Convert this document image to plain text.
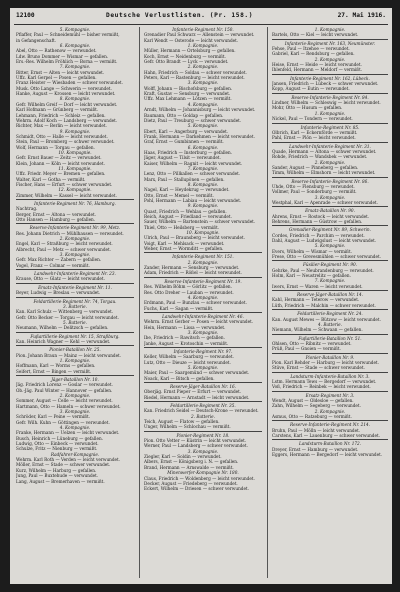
12100	Deutsche Verlustlisten. (Pr. 158.)	27. Mai 1916.
5. Kompagnie.
Pflaffer, Paul — Schneidemühl — bisher vermißt,
in Gefangenschaft.
6. Kompagnie.
Abel, Otto — Rathenow — verwundet.
Ldw. Bruno Dommer — Wismar — gefallen.
Ers.-Res. Wilhelm Fröhlich — Borna — vermißt.
7. Kompagnie.
Bitter, Ernst — Alten — leicht verwundet.
Uffz. Karl Gerpel — Posen — gefallen.
Franz Heister — Wiesbaden — schwer verwundet.
Musk. Otto Lange — Schwerin — verwundet.
Hanke, August — Krossen — leicht verwundet.
8. Kompagnie.
Gefr. Wilhelm Greif — Dorf — leicht verwundet.
Karl Hofmann — Grünberg — vermißt.
Lehmann, Friedrich — Schleiz — gefallen.
Wehrm. Adolf Koch — Landsberg — verwundet.
Richter, Max — Berlin — leicht verwundet.
9. Kompagnie.
Schmidt, Otto — Halle — leicht verwundet.
Stein, Paul — Bromberg — schwer verwundet.
Wolf, Hermann — Torgau — gefallen.
10. Kompagnie.
Gefr. Ernst Bauer — Zeitz — verwundet.
Klein, Johann — Köln — leicht verwundet.
11. Kompagnie.
Uffz. Friedr. Meyer — Bremen — gefallen.
Walter, Karl — Gotha — vermißt.
Fischer, Hans — Erfurt — schwer verwundet.
12. Kompagnie.
Zimmer, Wilhelm — Kassel — leicht verwundet.
Infanterie-Regiment Nr. 76, Hamburg.
Nachtrag.
Berger, Ernst — Altona — verwundet.
Otto Hansen — Hamburg — gefallen.
Reserve-Infanterie-Regiment Nr. 99, Metz.
Res. Johann Dietrich — Mühlhausen — verwundet.
2. Kompagnie.
Engel, Karl — Straßburg — leicht verwundet.
Albrecht, Paul — Metz — schwer verwundet.
3. Kompagnie.
Gefr. Max Richter — Zabern — gefallen.
Vogel, Franz — Colmar — vermißt.
Landwehr-Infanterie-Regiment Nr. 23.
Krause, Otto — Glatz — leicht verwundet.
Ersatz-Infanterie-Regiment Nr. 11.
Beyer, Ludwig — Breslau — verwundet.
Feldartillerie-Regiment Nr. 74, Torgau.
3. Batterie.
Kan. Karl Schulz — Wittenberg — verwundet.
Gefr. Otto Becker — Torgau — leicht verwundet.
5. Batterie.
Neumann, Wilhelm — Delitzsch — gefallen.
Fußartillerie-Regiment Nr. 15, Straßburg.
Kan. Heinrich Wagner — Kehl — verwundet.
Pionier-Bataillon Nr. 25.
Pion. Johann Braun — Mainz — leicht verwundet.
1. Kompagnie.
Hoffmann, Karl — Worms — gefallen.
Seifert, Ernst — Bingen — vermißt.
Jäger-Bataillon Nr. 10.
Jäg. Friedrich Lorenz — Goslar — verwundet.
Ob.-Jäg. Paul Winter — Hannover — gefallen.
2. Kompagnie.
Sommer, August — Celle — leicht verwundet.
Hartmann, Otto — Hameln — schwer verwundet.
3. Kompagnie.
Schröder, Karl — Peine — vermißt.
Gefr. Wilh. Kuhn — Göttingen — verwundet.
4. Kompagnie.
Franke, Hermann — Uelzen — leicht verwundet.
Busch, Heinrich — Lüneburg — gefallen.
Ludwig, Otto — Einbeck — verwundet.
Schulze, Fritz — Nienburg — vermißt.
Radfahrer-Kompagnie.
Wehrm. Karl Roth — Verden — leicht verwundet.
Möller, Ernst — Stade — schwer verwundet.
Kurz, Wilhelm — Harburg — gefallen.
Jung, Paul — Buxtehude — verwundet.
Lang, August — Bremerhaven — vermißt.
Infanterie-Regiment Nr. 150.
Grenadier Paul Schwarz — Allenstein — verwundet.
Karl Wendt — Osterode — leicht verwundet.
1. Kompagnie.
Müller, Hermann — Ortelsburg — gefallen.
Koch, Ernst — Neidenburg — vermißt.
Gefr. Otto Brandt — Lyck — verwundet.
2. Kompagnie.
Hahn, Friedrich — Soldau — schwer verwundet.
Peters, Karl — Rastenburg — leicht verwundet.
3. Kompagnie.
Wolff, Johann — Bischofsburg — gefallen.
Kraft, Gustav — Sensburg — verwundet.
Uffz. Max Lehmann — Lötzen — vermißt.
4. Kompagnie.
Arndt, Wilhelm — Johannisburg — leicht verwundet.
Baumann, Otto — Goldap — gefallen.
Dietz, Paul — Treuburg — schwer verwundet.
5. Kompagnie.
Ebert, Karl — Angerburg — verwundet.
Frank, Hermann — Darkehmen — leicht verwundet.
Graf, Ernst — Gumbinnen — vermißt.
6. Kompagnie.
Haas, Friedrich — Insterburg — gefallen.
Jäger, August — Tilsit — verwundet.
Kaiser, Wilhelm — Ragnit — leicht verwundet.
7. Kompagnie.
Lenz, Otto — Pillkallen — schwer verwundet.
Marx, Paul — Stallupönen — gefallen.
8. Kompagnie.
Nagel, Karl — Heydekrug — verwundet.
Otto, Ernst — Memel — vermißt.
Pohl, Hermann — Labiau — leicht verwundet.
9. Kompagnie.
Quast, Friedrich — Wehlau — gefallen.
Reich, August — Friedland — verwundet.
Sauer, Wilhelm — Bartenstein — schwer verwundet.
Thiel, Otto — Heilsberg — vermißt.
10. Kompagnie.
Ulrich, Paul — Braunsberg — leicht verwundet.
Voigt, Karl — Mehlsack — verwundet.
Weber, Ernst — Wormditt — gefallen.
Infanterie-Regiment Nr. 151.
2. Kompagnie.
Zander, Hermann — Sensburg — verwundet.
Adam, Friedrich — Rößel — leicht verwundet.
Reserve-Infanterie-Regiment Nr. 19.
Res. Wilhelm Böhm — Görlitz — gefallen.
Res. Otto Dreher — Lauban — verwundet.
4. Kompagnie.
Erdmann, Paul — Bunzlau — schwer verwundet.
Fuchs, Karl — Sagan — vermißt.
Landwehr-Infanterie-Regiment Nr. 46.
Wehrm. Ernst Gerber — Posen — leicht verwundet.
Hein, Hermann — Lissa — verwundet.
3. Kompagnie.
Ibe, Friedrich — Rawitsch — gefallen.
Janke, August — Krotoschin — vermißt.
Infanterie-Regiment Nr. 97.
Keller, Wilhelm — Saarburg — verwundet.
Lutz, Otto — Dieuze — leicht verwundet.
5. Kompagnie.
Maier, Paul — Saargemünd — schwer verwundet.
Noack, Karl — Bitsch — gefallen.
Reserve-Jäger-Bataillon Nr. 16.
Oberjäg. Ernst Pieper — Erfurt — verwundet.
Riedel, Hermann — Arnstadt — leicht verwundet.
Feldartillerie-Regiment Nr. 35.
Kan. Friedrich Seidel — Deutsch-Krone — verwundet.
2. Batterie.
Teich, August — Flatow — gefallen.
Unger, Wilhelm — Schlochau — vermißt.
Pionier-Regiment Nr. 18.
Pion. Otto Vetter — Küstrin — leicht verwundet.
Werner, Paul — Landsberg — schwer verwundet.
3. Kompagnie.
Ziegler, Karl — Soldin — verwundet.
Albers, Ernst — Königsberg i. N. — gefallen.
Brand, Hermann — Arnswalde — vermißt.
Minenwerfer-Kompagnie Nr. 180.
Claus, Friedrich — Woldenberg — leicht verwundet.
Decker, August — Friedeberg — verwundet.
Eckert, Wilhelm — Driesen — schwer verwundet.
1. Kompagnie.
Bartels, Otto — Kiel — leicht verwundet.
Infanterie-Regiment Nr. 163, Neumünster.
Fehse, Paul — Itzehoe — verwundet.
Gabriel, Karl — Rendsburg — gefallen.
2. Kompagnie.
Heise, Ernst — Heide — leicht verwundet.
Ihlenfeld, Hermann — Meldorf — vermißt.
Infanterie-Regiment Nr. 162, Lübeck.
Jansen, Friedrich — Lübeck — schwer verwundet.
Kopp, August — Eutin — verwundet.
Reserve-Infanterie-Regiment Nr. 84.
Lindner, Wilhelm — Schleswig — leicht verwundet.
Mohr, Otto — Husum — gefallen.
1. Kompagnie.
Nickel, Paul — Tondern — verwundet.
Infanterie-Regiment Nr. 85.
Olbrich, Karl — Eckernförde — vermißt.
Pahl, Ernst — Plön — leicht verwundet.
Landwehr-Infanterie-Regiment Nr. 31.
Quade, Hermann — Altona — schwer verwundet.
Rohde, Friedrich — Wandsbek — verwundet.
2. Kompagnie.
Sander, August — Pinneberg — gefallen.
Timm, Wilhelm — Elmshorn — leicht verwundet.
Reserve-Infanterie-Regiment Nr. 86.
Uhde, Otto — Flensburg — verwundet.
Vollmer, Paul — Sonderburg — vermißt.
3. Kompagnie.
Westphal, Karl — Apenrade — schwer verwundet.
Ersatz-Bataillon Nr. 90.
Ahrens, Ernst — Rostock — leicht verwundet.
Behrens, Hermann — Güstrow — gefallen.
Grenadier-Regiment Nr. 89, Schwerin.
Cordes, Friedrich — Parchim — verwundet.
Dahl, August — Ludwigslust — leicht verwundet.
5. Kompagnie.
Evers, Wilhelm — Wismar — vermißt.
Frese, Otto — Grevesmühlen — schwer verwundet.
Füsilier-Regiment Nr. 90.
Gehrke, Paul — Neubrandenburg — verwundet.
Holm, Karl — Neustrelitz — gefallen.
7. Kompagnie.
Iwers, Ernst — Waren — leicht verwundet.
Reserve-Jäger-Bataillon Nr. 14.
Kahl, Hermann — Teterow — verwundet.
Lüth, Friedrich — Malchin — schwer verwundet.
Feldartillerie-Regiment Nr. 24.
Kan. August Mewes — Bützow — leicht verwundet.
4. Batterie.
Niemann, Wilhelm — Schwaan — gefallen.
Fußartillerie-Bataillon Nr. 51.
Ohlsen, Otto — Ribnitz — verwundet.
Prüß, Paul — Gnoien — vermißt.
Pionier-Bataillon Nr. 9.
Pion. Karl Rehder — Harburg — leicht verwundet.
Stüve, Ernst — Stade — schwer verwundet.
Landsturm-Infanterie-Bataillon Nr. 3.
Lstm. Hermann Tews — Bergedorf — verwundet.
Voß, Friedrich — Reinbek — leicht verwundet.
Ersatz-Regiment Nr. 3.
Wendt, August — Oldesloe — gefallen.
Zahn, Wilhelm — Segeberg — verwundet.
2. Kompagnie.
Asmus, Otto — Ratzeburg — vermißt.
Reserve-Infanterie-Regiment Nr. 214.
Bruhn, Paul — Mölln — leicht verwundet.
Carstens, Karl — Lauenburg — schwer verwundet.
Landsturm-Bataillon Nr. 172.
Dreyer, Ernst — Hamburg — verwundet.
Eggers, Hermann — Bergedorf — leicht verwundet.
